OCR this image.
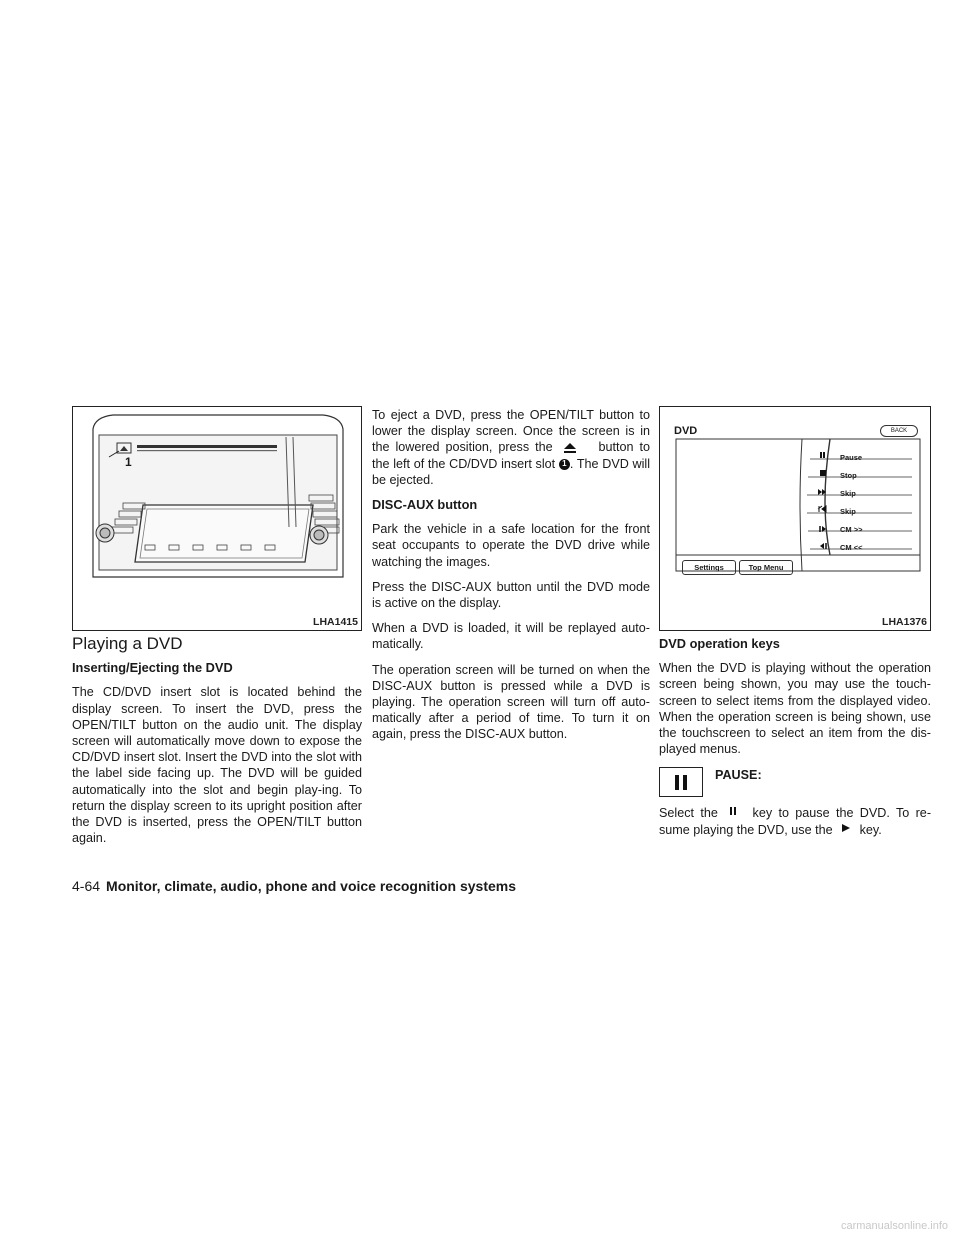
1
LHA1415
DVD	BACK
Pause
Stop
Skip
Skip
CM >>
CM <<
Settings	Top Menu
LHA1376
Playing a DVD
Inserting/Ejecting the DVD

The CD/DVD insert slot is located behind the display screen. To insert the DVD, press the OPEN/TILT button on the audio unit. The display screen will automatically move down to expose the CD/DVD insert slot. Insert the DVD into the slot with the label side facing up. The DVD will be guided automatically into the slot and begin play-ing. To return the display screen to its upright position after the DVD is inserted, press the OPEN/TILT button again.

To eject a DVD, press the OPEN/TILT button to lower the display screen. Once the screen is in the lowered position, press the	button to the left of the CD/DVD insert slot 1 . The DVD will be ejected.

DISC-AUX button

Park the vehicle in a safe location for the front seat occupants to operate the DVD drive while watching the images.

Press the DISC-AUX button until the DVD mode is active on the display.

When a DVD is loaded, it will be replayed auto-matically.

The operation screen will be turned on when the DISC-AUX button is pressed while a DVD is playing. The operation screen will turn off auto-matically after a period of time. To turn it on again, press the DISC-AUX button.

DVD operation keys

When the DVD is playing without the operation screen being shown, you may use the touch-screen to select items from the displayed video. When the operation screen is being shown, use the touchscreen to select an item from the dis-played menus.

PAUSE:

Select the	key to pause the DVD. To re-sume playing the DVD, use the key.

4-64 Monitor, climate, audio, phone and voice recognition systems
carmanualsonline.info
